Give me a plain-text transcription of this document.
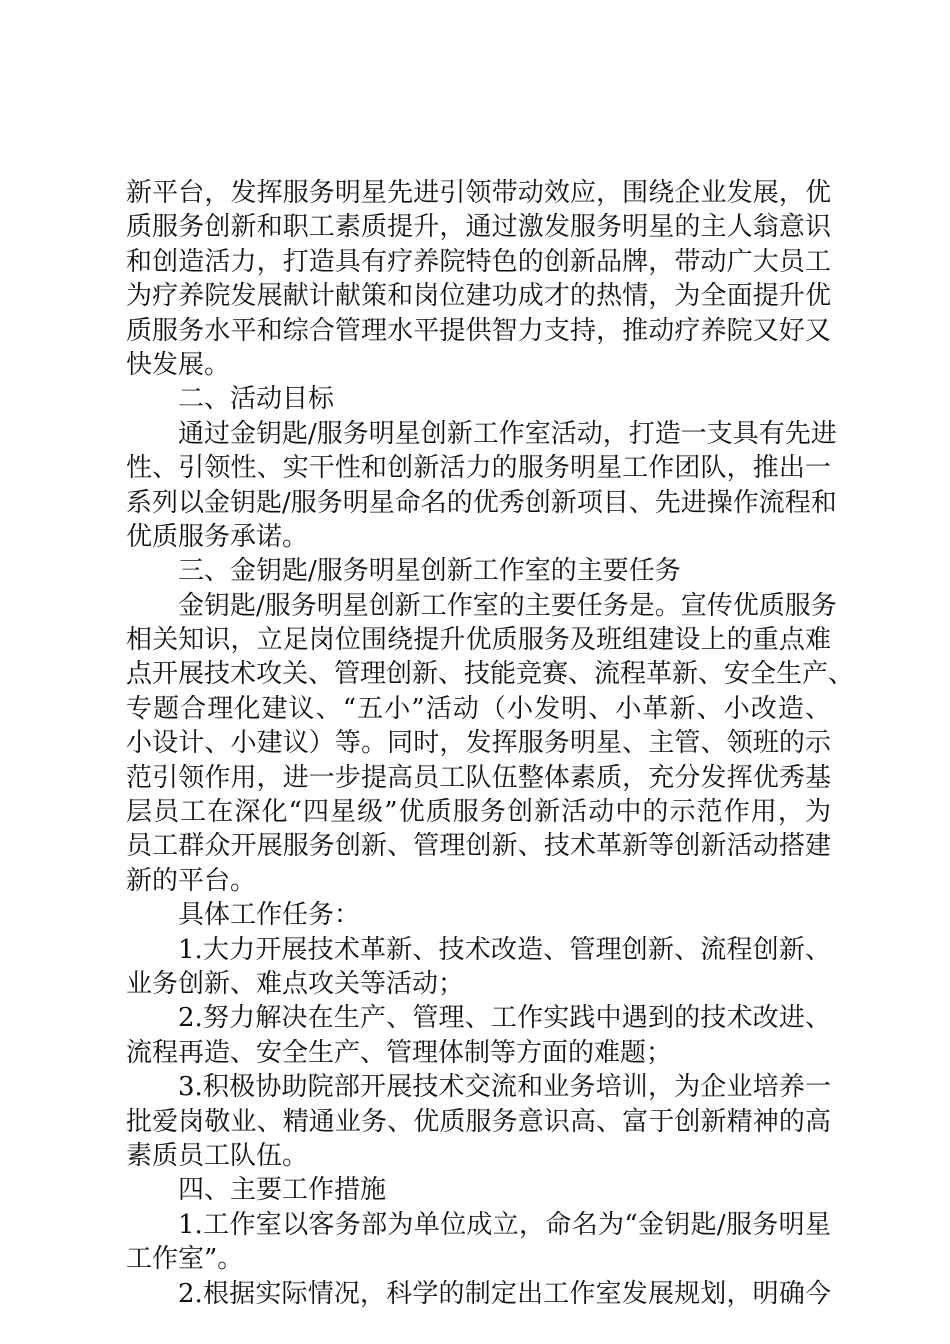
新平台，发挥服务明星先进引领带动效应，围绕企业发展，优
质服务创新和职工素质提升，通过激发服务明星的主人翁意识
和创造活力，打造具有疗养院特色的创新品牌，带动广大员工
为疗养院发展献计献策和岗位建功成才的热情，为全面提升优
质服务水平和综合管理水平提供智力支持，推动疗养院又好又
快发展。
二、活动目标
通过金钥匙/服务明星创新工作室活动，打造一支具有先进
性、引领性、实干性和创新活力的服务明星工作团队，推出一
系列以金钥匙/服务明星命名的优秀创新项目、先进操作流程和
优质服务承诺。
三、金钥匙/服务明星创新工作室的主要任务
金钥匙/服务明星创新工作室的主要任务是。宣传优质服务
相关知识，立足岗位围绕提升优质服务及班组建设上的重点难
点开展技术攻关、管理创新、技能竞赛、流程革新、安全生产、
专题合理化建议、“五小”活动（小发明、小革新、小改造、
小设计、小建议）等。同时，发挥服务明星、主管、领班的示
范引领作用，进一步提高员工队伍整体素质，充分发挥优秀基
层员工在深化“四星级”优质服务创新活动中的示范作用，为
员工群众开展服务创新、管理创新、技术革新等创新活动搭建
新的平台。
具体工作任务：
1.大力开展技术革新、技术改造、管理创新、流程创新、
业务创新、难点攻关等活动；
2.努力解决在生产、管理、工作实践中遇到的技术改进、
流程再造、安全生产、管理体制等方面的难题；
3.积极协助院部开展技术交流和业务培训，为企业培养一
批爱岗敬业、精通业务、优质服务意识高、富于创新精神的高
素质员工队伍。
四、主要工作措施
1.工作室以客务部为单位成立，命名为“金钥匙/服务明星
工作室”。
2.根据实际情况，科学的制定出工作室发展规划，明确今
